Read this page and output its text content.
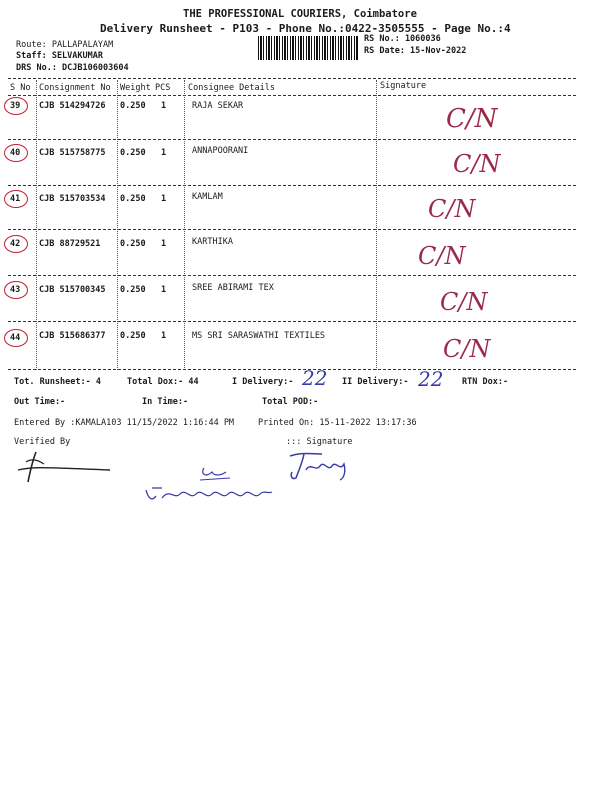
THE PROFESSIONAL COURIERS, Coimbatore
Delivery Runsheet - P103 - Phone No.:0422-3505555 - Page No.:4
Route: PALLAPALAYAM
Staff: SELVAKUMAR
DRS No.: DCJB106003604
RS No.: 1060036
RS Date: 15-Nov-2022
S No Consignment No Weight PCS Consignee Details	Signature
39 CJB 514294726 0.250 1	RAJA SEKAR	C/N
40 CJB 515758775 0.250 1	ANNAPOORANI	C/N
41 CJB 515703534 0.250 1	KAMLAM	C/N
42 CJB 88729521 0.250 1	KARTHIKA	C/N
43 CJB 515700345 0.250 1	SREE ABIRAMI TEX	C/N
44 CJB 515686377 0.250 1	MS SRI SARASWATHI TEXTILES	C/N
Tot. Runsheet:- 4	Total Dox:- 44	I Delivery:- 22 II Delivery:- 22 RTN Dox:-
Out Time:-	In Time:-	Total POD:-
Entered By :KAMALA103 11/15/2022 1:16:44 PM	Printed On: 15-11-2022 13:17:36
Verified By	::: Signature
